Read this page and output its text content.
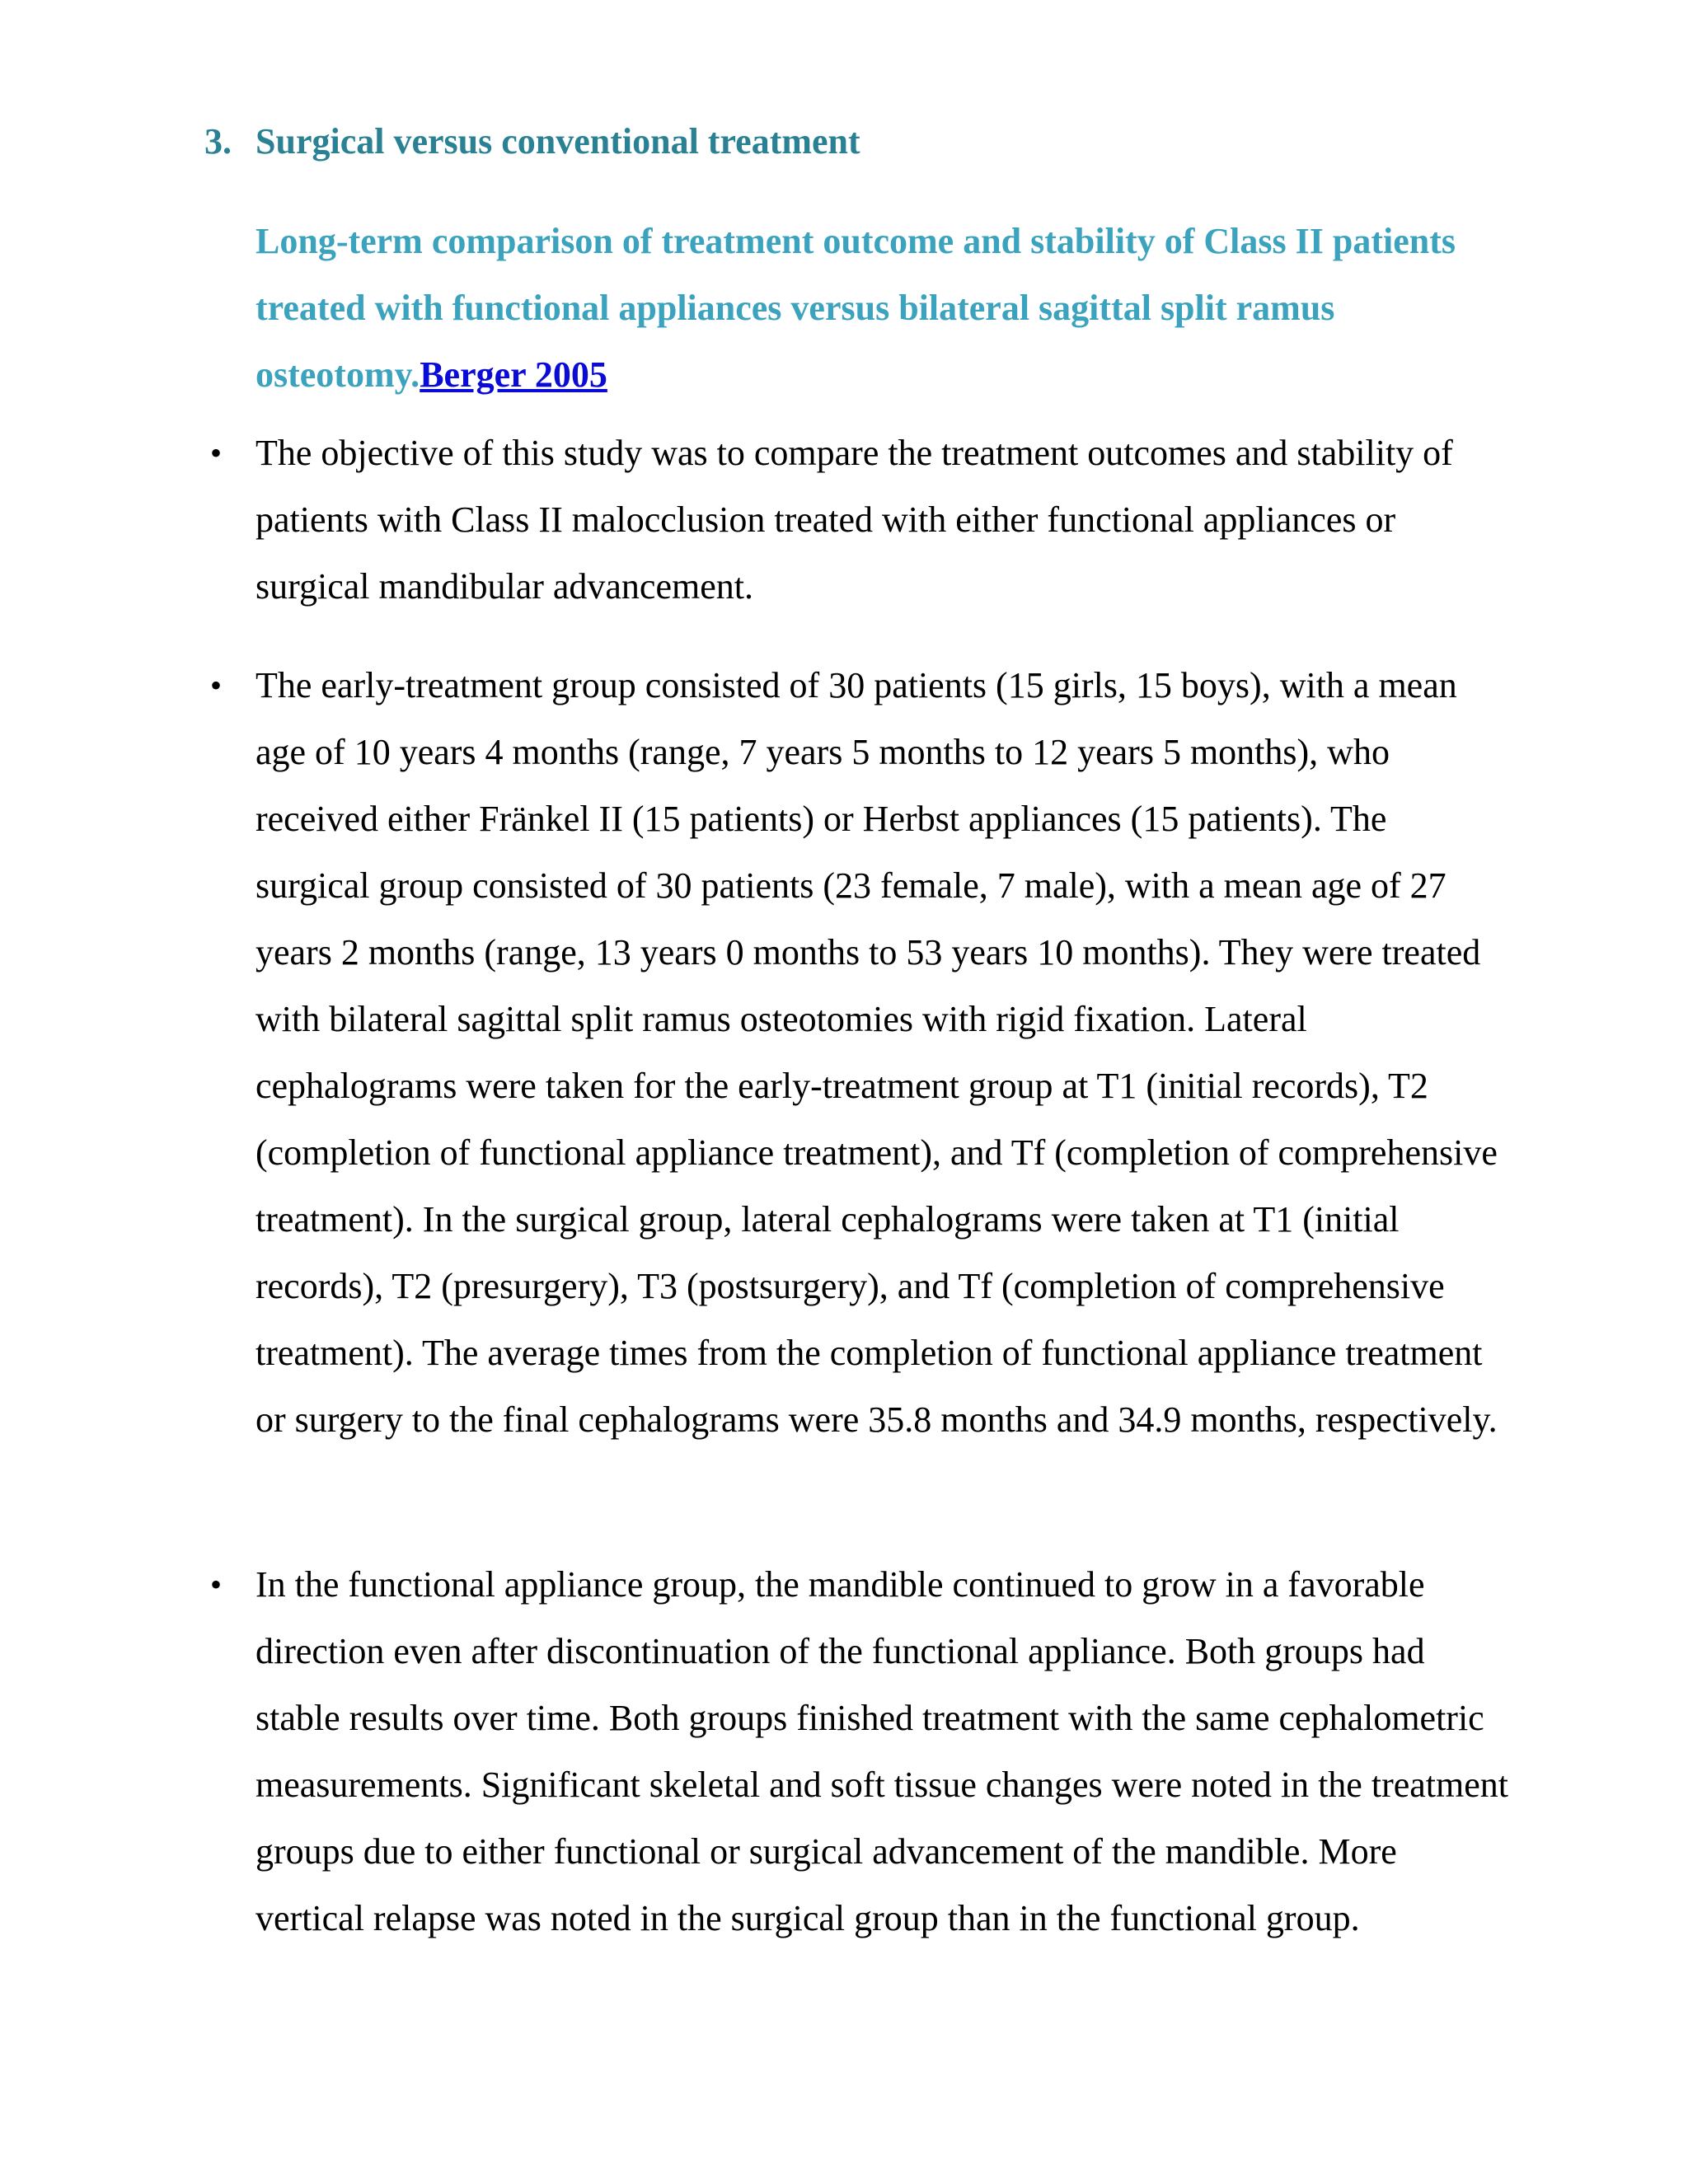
3. Surgical versus conventional treatment
Long-term comparison of treatment outcome and stability of Class II patients treated with functional appliances versus bilateral sagittal split ramus osteotomy.Berger 2005
• The objective of this study was to compare the treatment outcomes and stability of patients with Class II malocclusion treated with either functional appliances or surgical mandibular advancement.
• The early-treatment group consisted of 30 patients (15 girls, 15 boys), with a mean age of 10 years 4 months (range, 7 years 5 months to 12 years 5 months), who received either Fränkel II (15 patients) or Herbst appliances (15 patients). The surgical group consisted of 30 patients (23 female, 7 male), with a mean age of 27 years 2 months (range, 13 years 0 months to 53 years 10 months). They were treated with bilateral sagittal split ramus osteotomies with rigid fixation. Lateral cephalograms were taken for the early-treatment group at T1 (initial records), T2 (completion of functional appliance treatment), and Tf (completion of comprehensive treatment). In the surgical group, lateral cephalograms were taken at T1 (initial records), T2 (presurgery), T3 (postsurgery), and Tf (completion of comprehensive treatment). The average times from the completion of functional appliance treatment or surgery to the final cephalograms were 35.8 months and 34.9 months, respectively.
• In the functional appliance group, the mandible continued to grow in a favorable direction even after discontinuation of the functional appliance. Both groups had stable results over time. Both groups finished treatment with the same cephalometric measurements. Significant skeletal and soft tissue changes were noted in the treatment groups due to either functional or surgical advancement of the mandible. More vertical relapse was noted in the surgical group than in the functional group.
